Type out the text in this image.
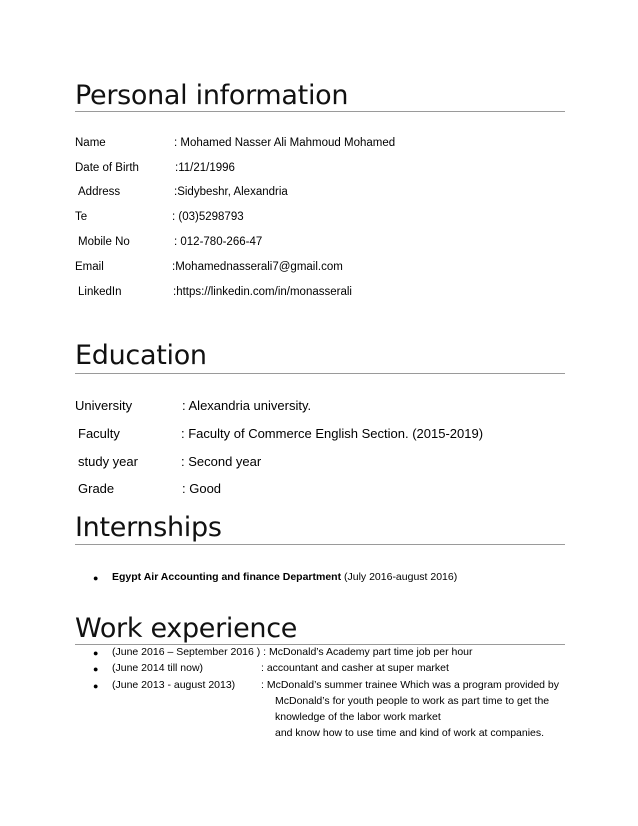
Personal information
Name	: Mohamed Nasser Ali Mahmoud Mohamed
Date of Birth	:11/21/1996
Address	:Sidybeshr, Alexandria
Te	: (03)5298793
Mobile No	: 012-780-266-47
Email	:Mohamednasserali7@gmail.com
LinkedIn	:https://linkedin.com/in/monasserali
Education
University	: Alexandria university.
Faculty	: Faculty of Commerce English Section. (2015-2019)
study year	: Second year
Grade	: Good
Internships
● Egypt Air Accounting and finance Department (July 2016-august 2016)
Work experience
● (June 2016 – September 2016 ) : McDonald’s Academy part time job per hour
● (June 2014 till now)	: accountant and casher at super market
● (June 2013 - august 2013) : McDonald’s summer trainee Which was a program provided by
McDonald’s for youth people to work as part time to get the
knowledge of the labor work market
and know how to use time and kind of work at companies.
